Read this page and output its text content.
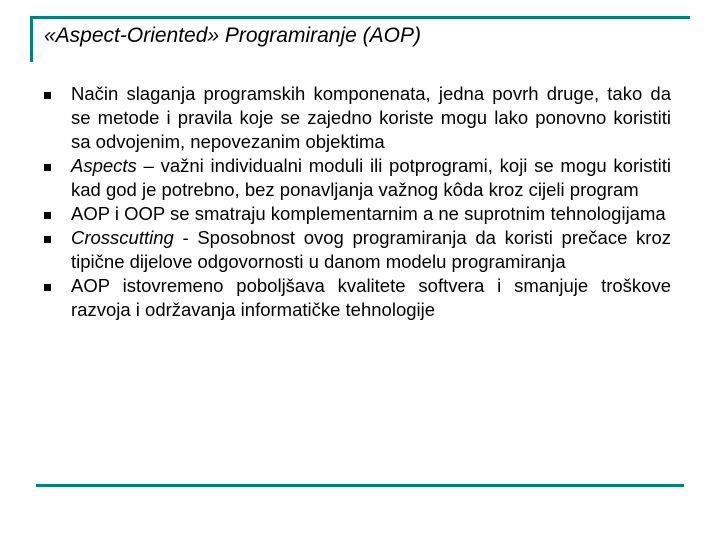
«Aspect-Oriented» Programiranje (AOP)
Način slaganja programskih komponenata, jedna povrh druge, tako da se metode i pravila koje se zajedno koriste mogu lako ponovno koristiti sa odvojenim, nepovezanim objektima
Aspects – važni individualni moduli ili potprogrami, koji se mogu koristiti kad god je potrebno, bez ponavljanja važnog kôda kroz cijeli program
AOP i OOP se smatraju komplementarnim a ne suprotnim tehnologijama
Crosscutting - Sposobnost ovog programiranja da koristi prečace kroz tipične dijelove odgovornosti u danom modelu programiranja
AOP istovremeno poboljšava kvalitete softvera i smanjuje troškove razvoja i održavanja informatičke tehnologije
